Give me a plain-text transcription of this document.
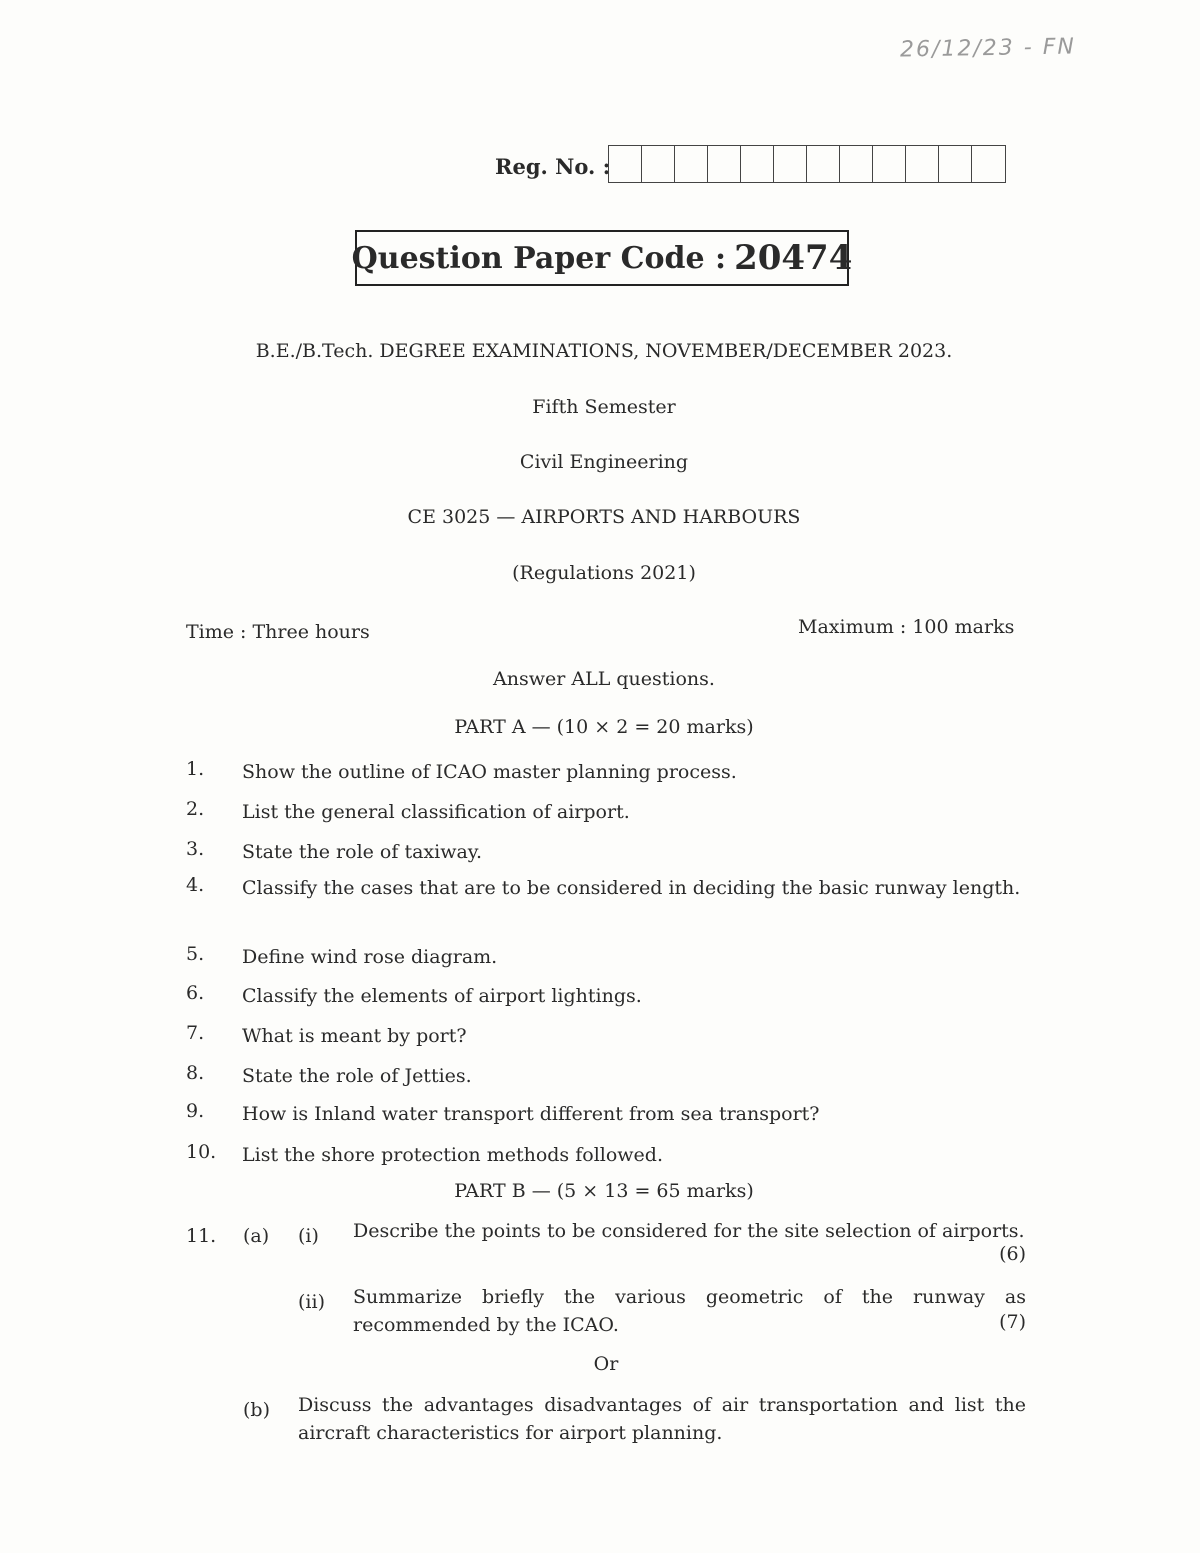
26/12/23 - FN
Reg. No. :
Question Paper Code : 20474
B.E./B.Tech. DEGREE EXAMINATIONS, NOVEMBER/DECEMBER 2023.
Fifth Semester
Civil Engineering
CE 3025 — AIRPORTS AND HARBOURS
(Regulations 2021)
Time : Three hours	Maximum : 100 marks
Answer ALL questions.
PART A — (10 × 2 = 20 marks)
1.	Show the outline of ICAO master planning process.
2.	List the general classification of airport.
3.	State the role of taxiway.
4.	Classify the cases that are to be considered in deciding the basic runway length.
5.	Define wind rose diagram.
6.	Classify the elements of airport lightings.
7.	What is meant by port?
8.	State the role of Jetties.
9.	How is Inland water transport different from sea transport?
10.	List the shore protection methods followed.
PART B — (5 × 13 = 65 marks)
11. (a) (i) Describe the points to be considered for the site selection of airports.
(6)
(ii) Summarize briefly the various geometric of the runway as recommended by the ICAO.	(7)
Or
(b) Discuss the advantages disadvantages of air transportation and list the aircraft characteristics for airport planning.
